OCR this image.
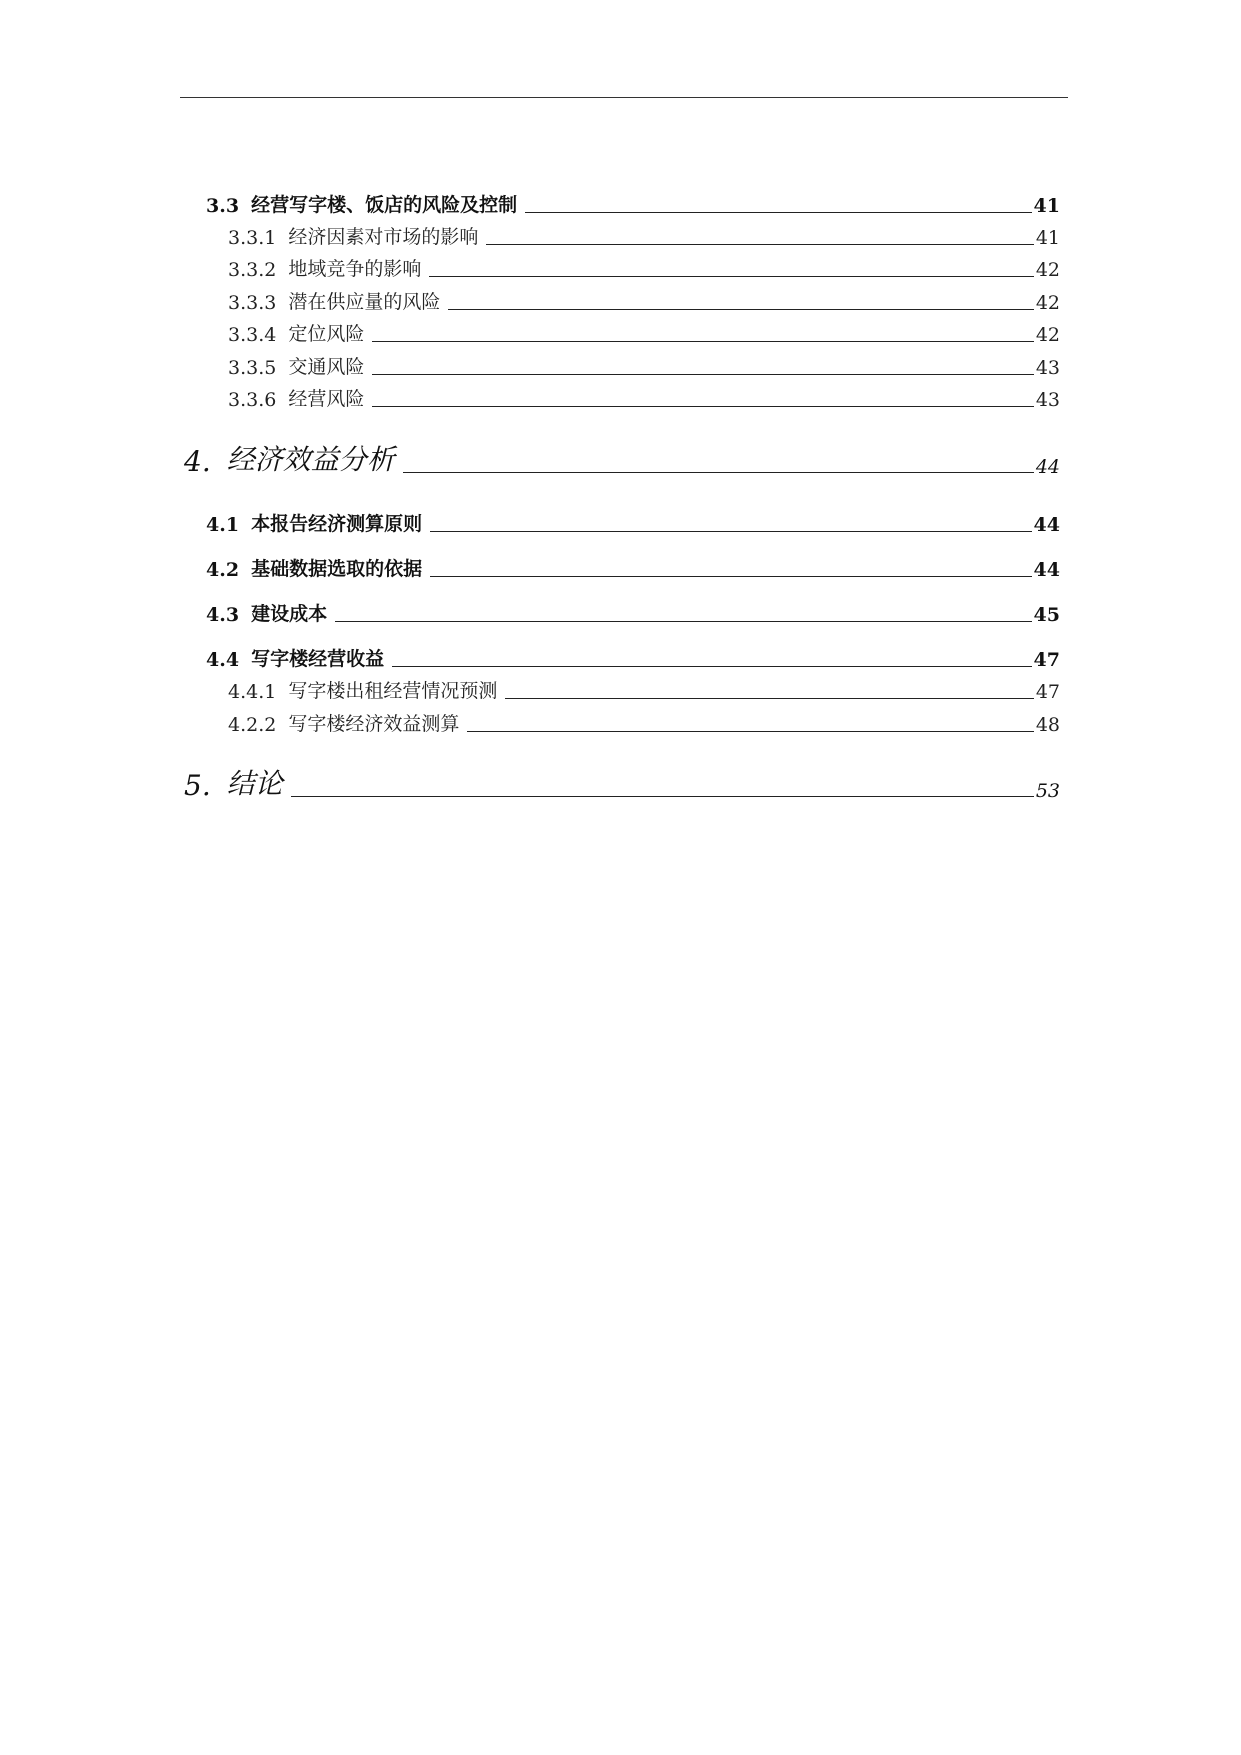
3.3 经营写字楼、饭店的风险及控制	41
3.3.1 经济因素对市场的影响	41
3.3.2 地域竞争的影响	42
3.3.3 潜在供应量的风险	42
3.3.4 定位风险	42
3.3.5 交通风险	43
3.3.6 经营风险	43
4. 经济效益分析	44
4.1 本报告经济测算原则	44
4.2 基础数据选取的依据	44
4.3 建设成本	45
4.4 写字楼经营收益	47
4.4.1 写字楼出租经营情况预测	47
4.2.2 写字楼经济效益测算	48
5. 结论	53
